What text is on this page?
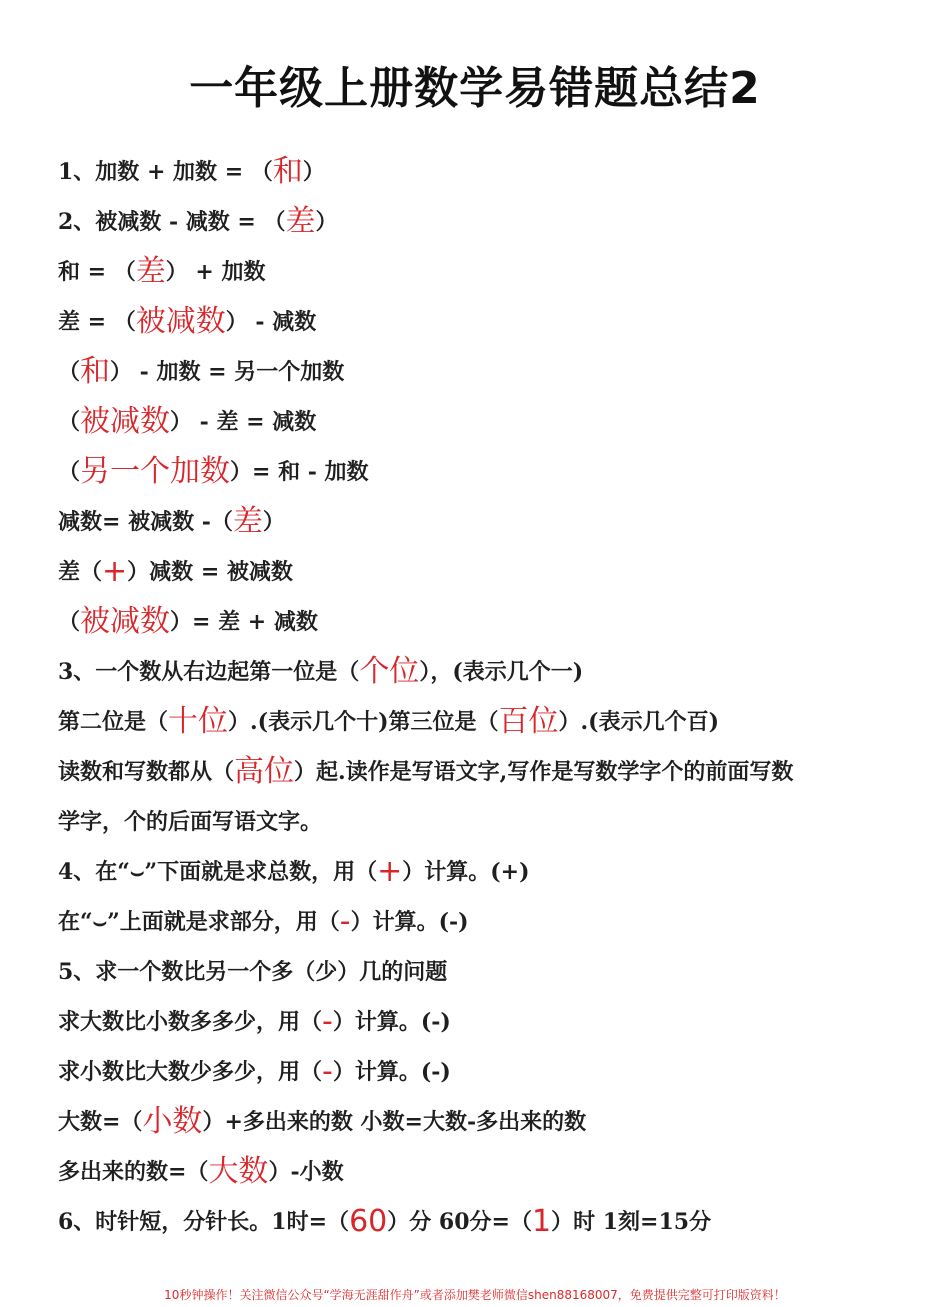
一年级上册数学易错题总结2
1、加数 + 加数 = （和）
2、被减数 - 减数 = （差）
和 = （差） + 加数
差 = （被减数） - 减数
（和） - 加数 = 另一个加数
（被减数） - 差 = 减数
（另一个加数）= 和 - 加数
减数= 被减数 -（差）
差（+）减数 = 被减数
（被减数）= 差 + 减数
3、一个数从右边起第一位是（个位），(表示几个一)
第二位是（十位）.(表示几个十)第三位是（百位）.(表示几个百)
读数和写数都从（高位）起.读作是写语文字,写作是写数学字个的前面写数
学字，个的后面写语文字。
4、在“⌣”下面就是求总数，用（+）计算。(+)
在“⌣”上面就是求部分，用（-）计算。(-)
5、求一个数比另一个多（少）几的问题
求大数比小数多多少，用（-）计算。(-)
求小数比大数少多少，用（-）计算。(-)
大数=（小数）+多出来的数 小数=大数-多出来的数
多出来的数=（大数）-小数
6、时针短，分针长。1时=（60）分 60分=（1）时 1刻=15分
10秒钟操作！关注微信公众号“学海无涯甜作舟”或者添加樊老师微信shen88168007，免费提供完整可打印版资料！
